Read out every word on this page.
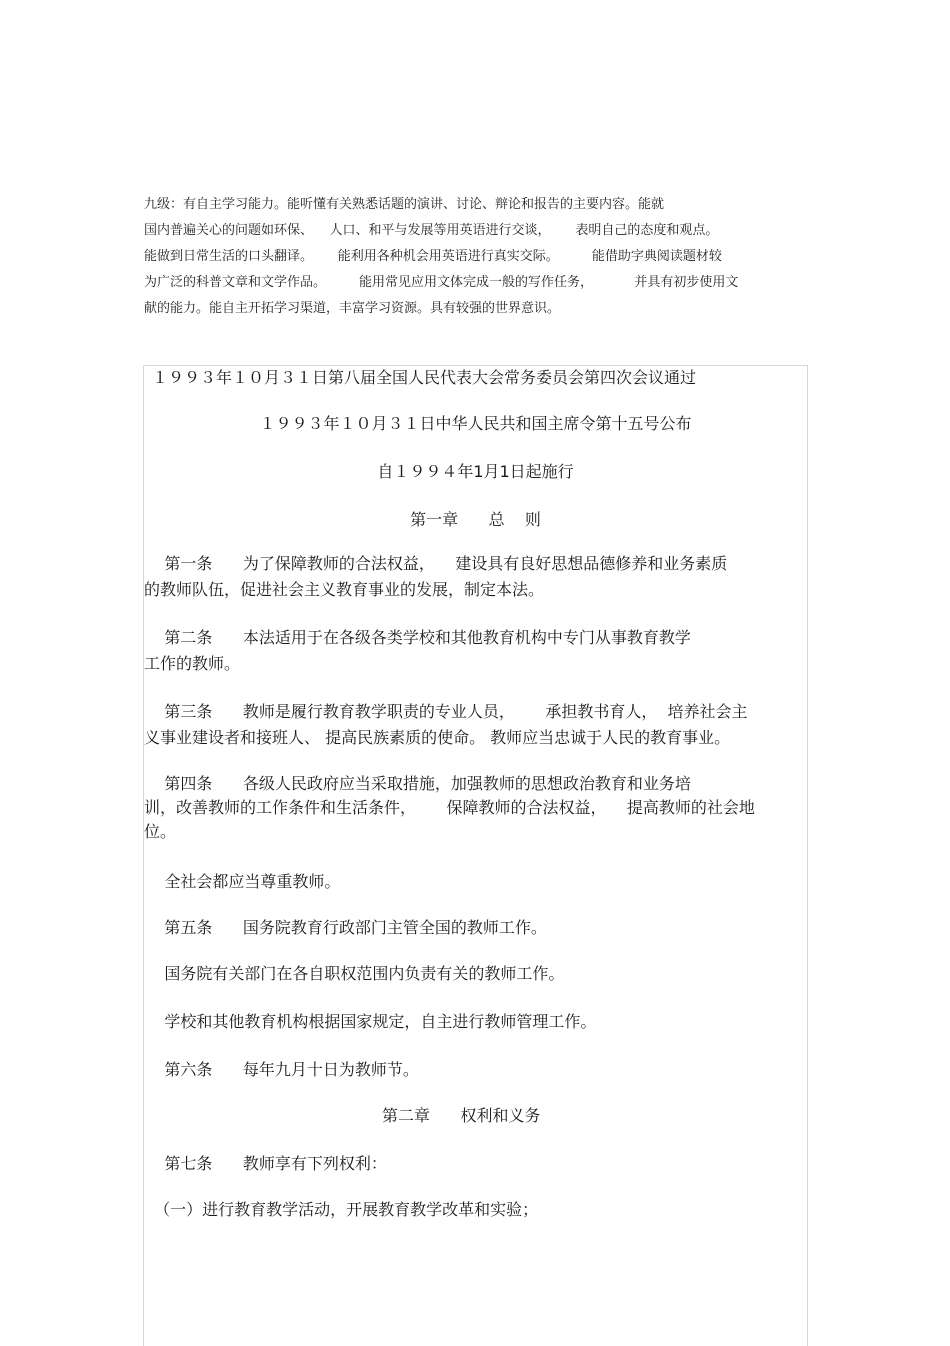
九级：有自主学习能力。能听懂有关熟悉话题的演讲、讨论、辩论和报告的主要内容。能就
国内普遍关心的问题如环保、    人口、和平与发展等用英语进行交谈，      表明自己的态度和观点。
能做到日常生活的口头翻译。      能利用各种机会用英语进行真实交际。        能借助字典阅读题材较
为广泛的科普文章和文学作品。        能用常见应用文体完成一般的写作任务，          并具有初步使用文
献的能力。能自主开拓学习渠道，丰富学习资源。具有较强的世界意识。
１９９３年１０月３１日第八届全国人民代表大会常务委员会第四次会议通过
１９９３年１０月３１日中华人民共和国主席令第十五号公布
自１９９４年1月1日起施行
第一章      总    则
第一条      为了保障教师的合法权益，    建设具有良好思想品德修养和业务素质
的教师队伍，促进社会主义教育事业的发展，制定本法。
第二条      本法适用于在各级各类学校和其他教育机构中专门从事教育教学
工作的教师。
第三条      教师是履行教育教学职责的专业人员，      承担教书育人，  培养社会主
义事业建设者和接班人、 提高民族素质的使命。 教师应当忠诚于人民的教育事业。
第四条      各级人民政府应当采取措施，加强教师的思想政治教育和业务培
训，改善教师的工作条件和生活条件，      保障教师的合法权益，    提高教师的社会地
位。
全社会都应当尊重教师。
第五条      国务院教育行政部门主管全国的教师工作。
国务院有关部门在各自职权范围内负责有关的教师工作。
学校和其他教育机构根据国家规定，自主进行教师管理工作。
第六条      每年九月十日为教师节。
第二章      权利和义务
第七条      教师享有下列权利：
（一）进行教育教学活动，开展教育教学改革和实验；
